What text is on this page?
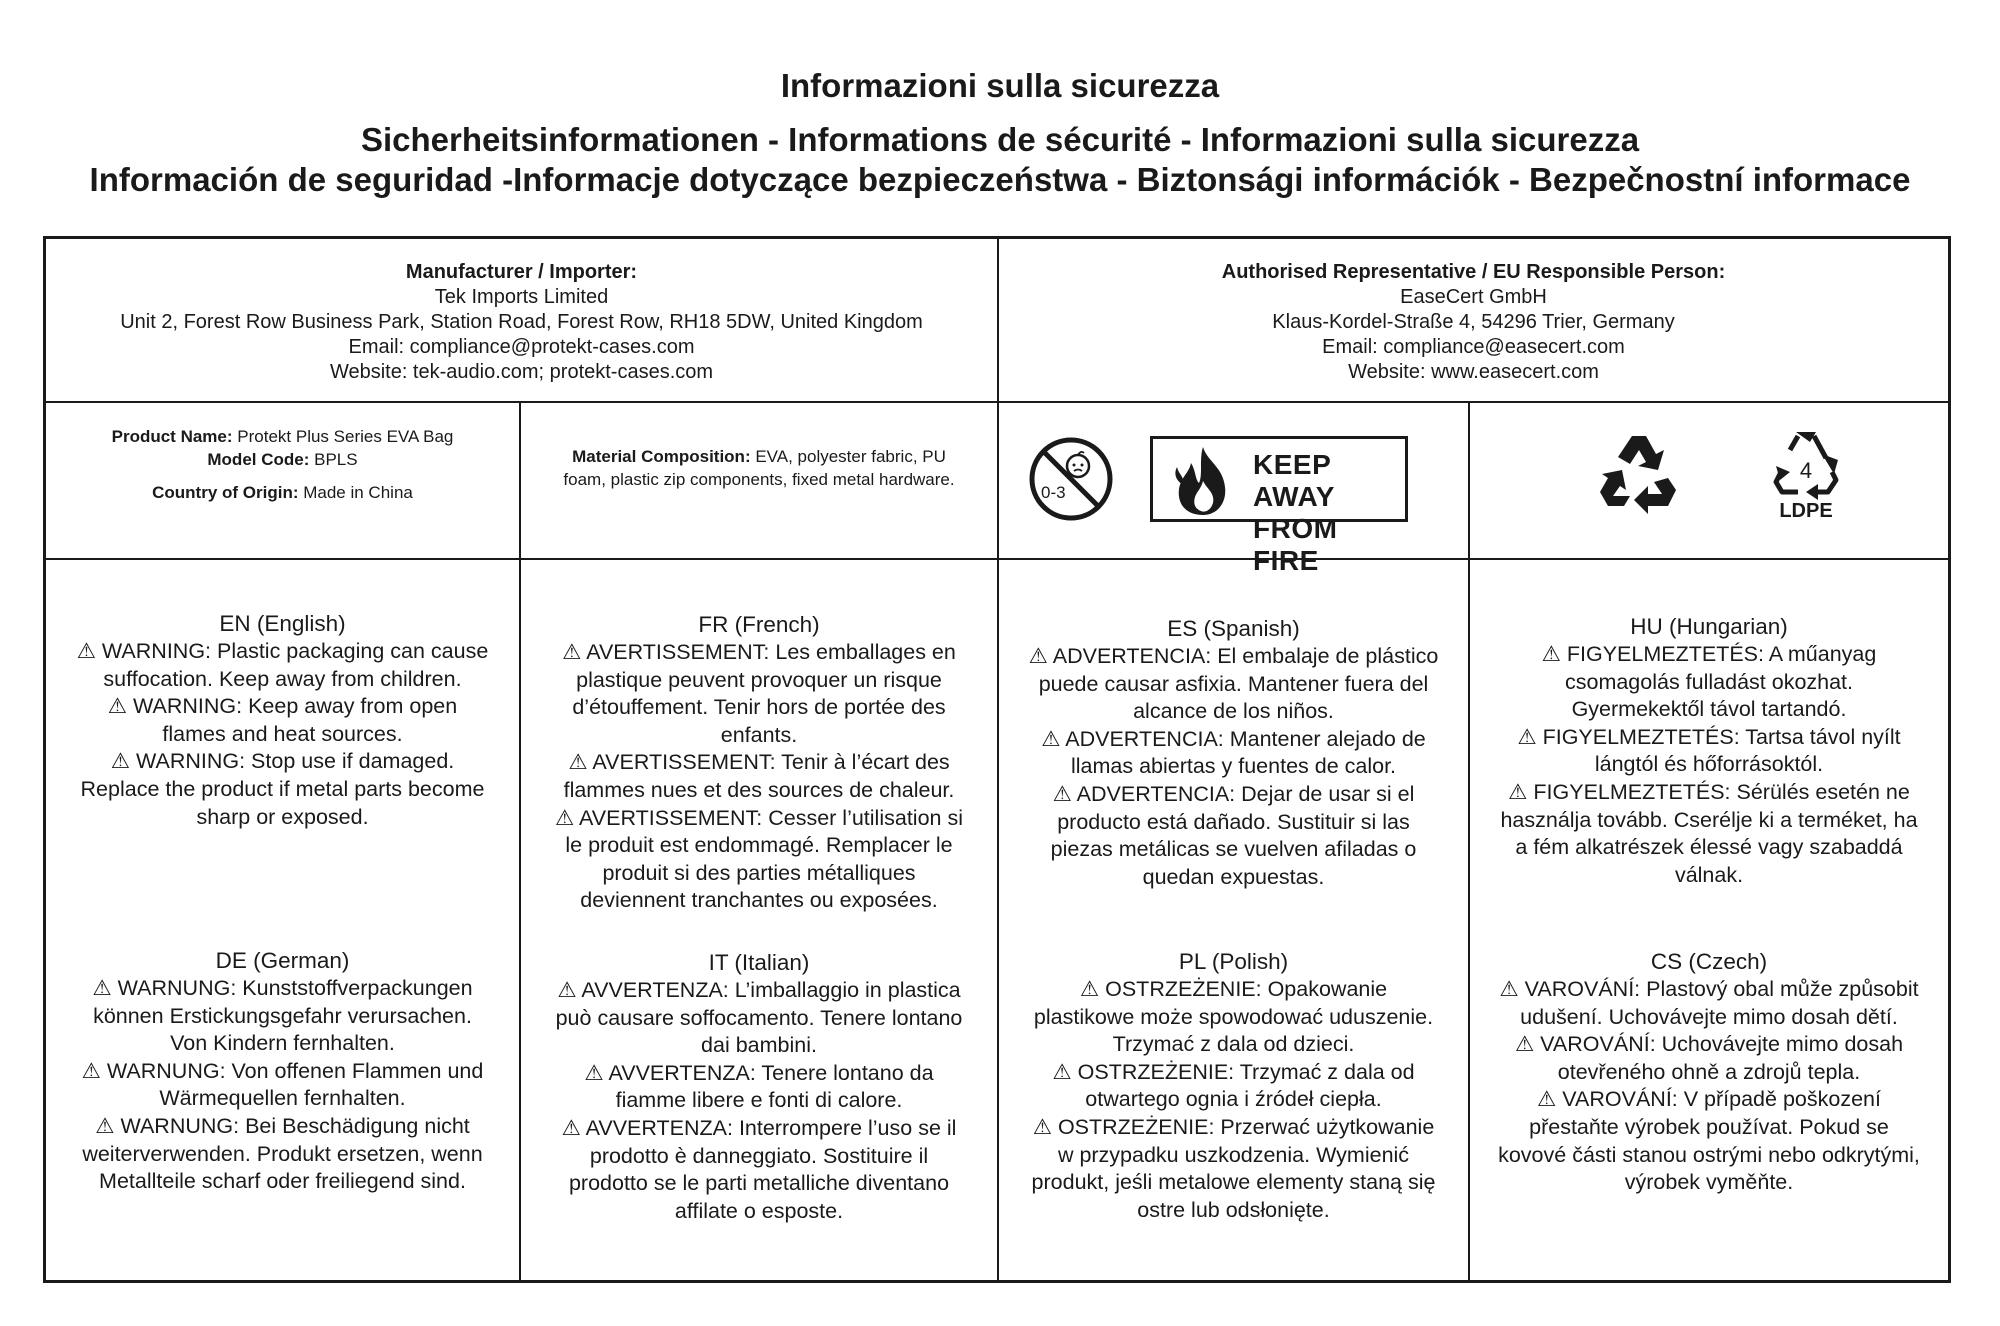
Informazioni sulla sicurezza
Sicherheitsinformationen - Informations de sécurité - Informazioni sulla sicurezza
Información de seguridad -Informacje dotyczące bezpieczeństwa - Biztonsági információk - Bezpečnostní informace
Manufacturer / Importer:
Tek Imports Limited
Unit 2, Forest Row Business Park, Station Road, Forest Row, RH18 5DW, United Kingdom
Email: compliance@protekt-cases.com
Website: tek-audio.com; protekt-cases.com
Authorised Representative / EU Responsible Person:
EaseCert GmbH
Klaus-Kordel-Straße 4, 54296 Trier, Germany
Email: compliance@easecert.com
Website: www.easecert.com
Product Name: Protekt Plus Series EVA Bag
Model Code: BPLS
Country of Origin: Made in China
Material Composition: EVA, polyester fabric, PU
foam, plastic zip components, fixed metal hardware.
0-3
KEEP AWAY
FROM FIRE
4
LDPE
EN (English)
⚠ WARNING: Plastic packaging can cause
suffocation. Keep away from children.
⚠ WARNING: Keep away from open
flames and heat sources.
⚠ WARNING: Stop use if damaged.
Replace the product if metal parts become
sharp or exposed.
FR (French)
⚠ AVERTISSEMENT: Les emballages en
plastique peuvent provoquer un risque
d’étouffement. Tenir hors de portée des
enfants.
⚠ AVERTISSEMENT: Tenir à l’écart des
flammes nues et des sources de chaleur.
⚠ AVERTISSEMENT: Cesser l’utilisation si
le produit est endommagé. Remplacer le
produit si des parties métalliques
deviennent tranchantes ou exposées.
ES (Spanish)
⚠ ADVERTENCIA: El embalaje de plástico
puede causar asfixia. Mantener fuera del
alcance de los niños.
⚠ ADVERTENCIA: Mantener alejado de
llamas abiertas y fuentes de calor.
⚠ ADVERTENCIA: Dejar de usar si el
producto está dañado. Sustituir si las
piezas metálicas se vuelven afiladas o
quedan expuestas.
HU (Hungarian)
⚠ FIGYELMEZTETÉS: A műanyag
csomagolás fulladást okozhat.
Gyermekektől távol tartandó.
⚠ FIGYELMEZTETÉS: Tartsa távol nyílt
lángtól és hőforrásoktól.
⚠ FIGYELMEZTETÉS: Sérülés esetén ne
használja tovább. Cserélje ki a terméket, ha
a fém alkatrészek élessé vagy szabaddá
válnak.
DE (German)
⚠ WARNUNG: Kunststoffverpackungen
können Erstickungsgefahr verursachen.
Von Kindern fernhalten.
⚠ WARNUNG: Von offenen Flammen und
Wärmequellen fernhalten.
⚠ WARNUNG: Bei Beschädigung nicht
weiterverwenden. Produkt ersetzen, wenn
Metallteile scharf oder freiliegend sind.
IT (Italian)
⚠ AVVERTENZA: L’imballaggio in plastica
può causare soffocamento. Tenere lontano
dai bambini.
⚠ AVVERTENZA: Tenere lontano da
fiamme libere e fonti di calore.
⚠ AVVERTENZA: Interrompere l’uso se il
prodotto è danneggiato. Sostituire il
prodotto se le parti metalliche diventano
affilate o esposte.
PL (Polish)
⚠ OSTRZEŻENIE: Opakowanie
plastikowe może spowodować uduszenie.
Trzymać z dala od dzieci.
⚠ OSTRZEŻENIE: Trzymać z dala od
otwartego ognia i źródeł ciepła.
⚠ OSTRZEŻENIE: Przerwać użytkowanie
w przypadku uszkodzenia. Wymienić
produkt, jeśli metalowe elementy staną się
ostre lub odsłonięte.
CS (Czech)
⚠ VAROVÁNÍ: Plastový obal může způsobit
udušení. Uchovávejte mimo dosah dětí.
⚠ VAROVÁNÍ: Uchovávejte mimo dosah
otevřeného ohně a zdrojů tepla.
⚠ VAROVÁNÍ: V případě poškození
přestaňte výrobek používat. Pokud se
kovové části stanou ostrými nebo odkrytými,
výrobek vyměňte.
